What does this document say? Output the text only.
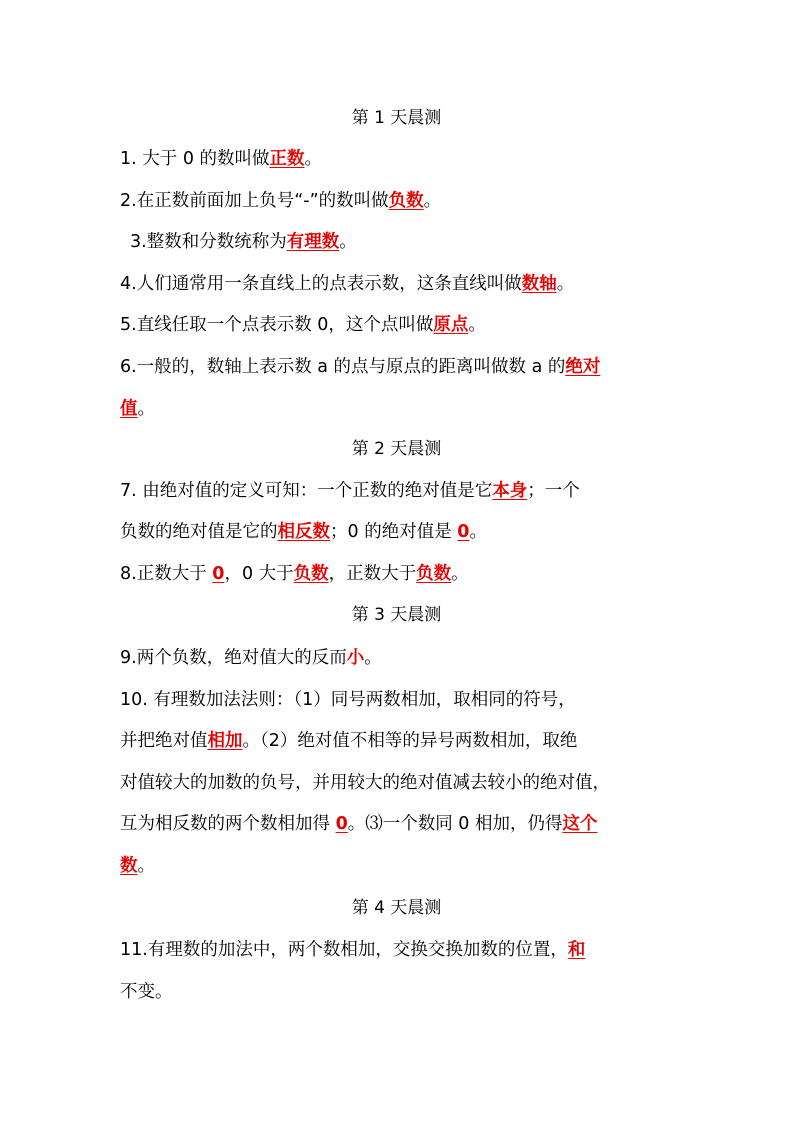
第 1 天晨测
1. 大于 0 的数叫做正数。
2.在正数前面加上负号“-”的数叫做负数。
3.整数和分数统称为有理数。
4.人们通常用一条直线上的点表示数，这条直线叫做数轴。
5.直线任取一个点表示数 0，这个点叫做原点。
6.一般的，数轴上表示数 a 的点与原点的距离叫做数 a 的绝对
值。
第 2 天晨测
7. 由绝对值的定义可知：一个正数的绝对值是它本身；一个
负数的绝对值是它的相反数；0 的绝对值是 0。
8.正数大于 0，0 大于负数，正数大于负数。
第 3 天晨测
9.两个负数，绝对值大的反而小。
10. 有理数加法法则：（1）同号两数相加，取相同的符号，
并把绝对值相加。（2）绝对值不相等的异号两数相加，取绝
对值较大的加数的负号，并用较大的绝对值减去较小的绝对值，
互为相反数的两个数相加得 0。⑶一个数同 0 相加，仍得这个
数。
第 4 天晨测
11.有理数的加法中，两个数相加，交换交换加数的位置，和
不变。
